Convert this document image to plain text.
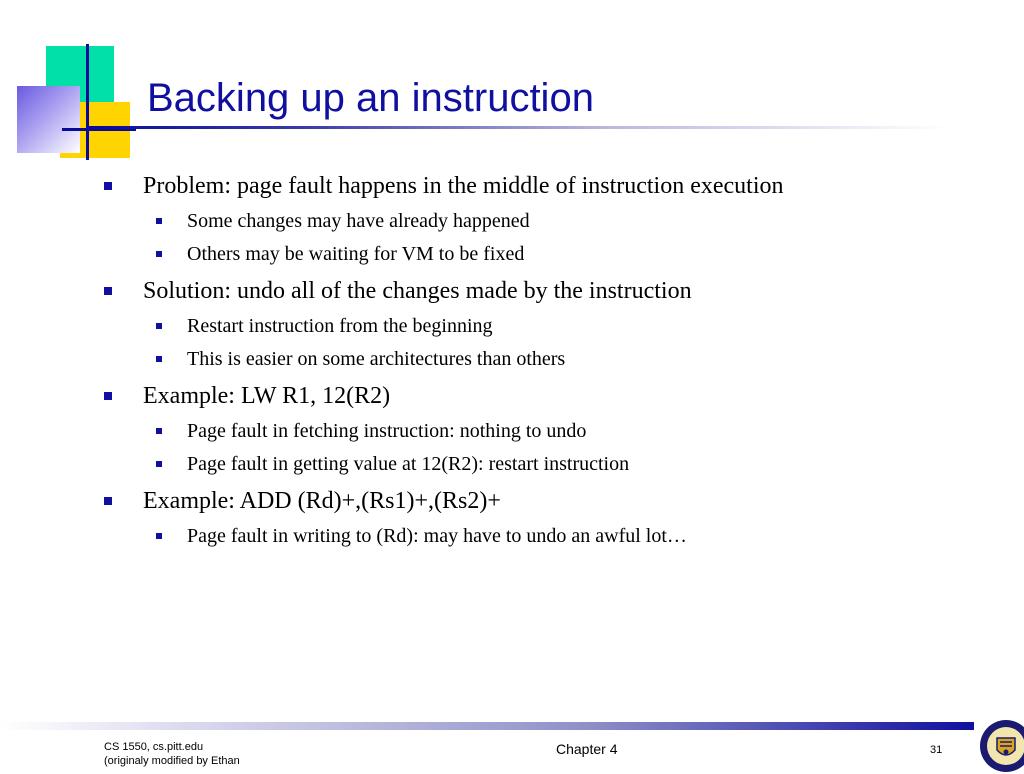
Backing up an instruction
Problem: page fault happens in the middle of instruction execution
Some changes may have already happened
Others may be waiting for VM to be fixed
Solution: undo all of the changes made by the instruction
Restart instruction from the beginning
This is easier on some architectures than others
Example: LW R1, 12(R2)
Page fault in fetching instruction: nothing to undo
Page fault in getting value at 12(R2): restart instruction
Example: ADD (Rd)+,(Rs1)+,(Rs2)+
Page fault in writing to (Rd): may have to undo an awful lot…
CS 1550, cs.pitt.edu
(originaly modified by Ethan
Chapter 4	31
